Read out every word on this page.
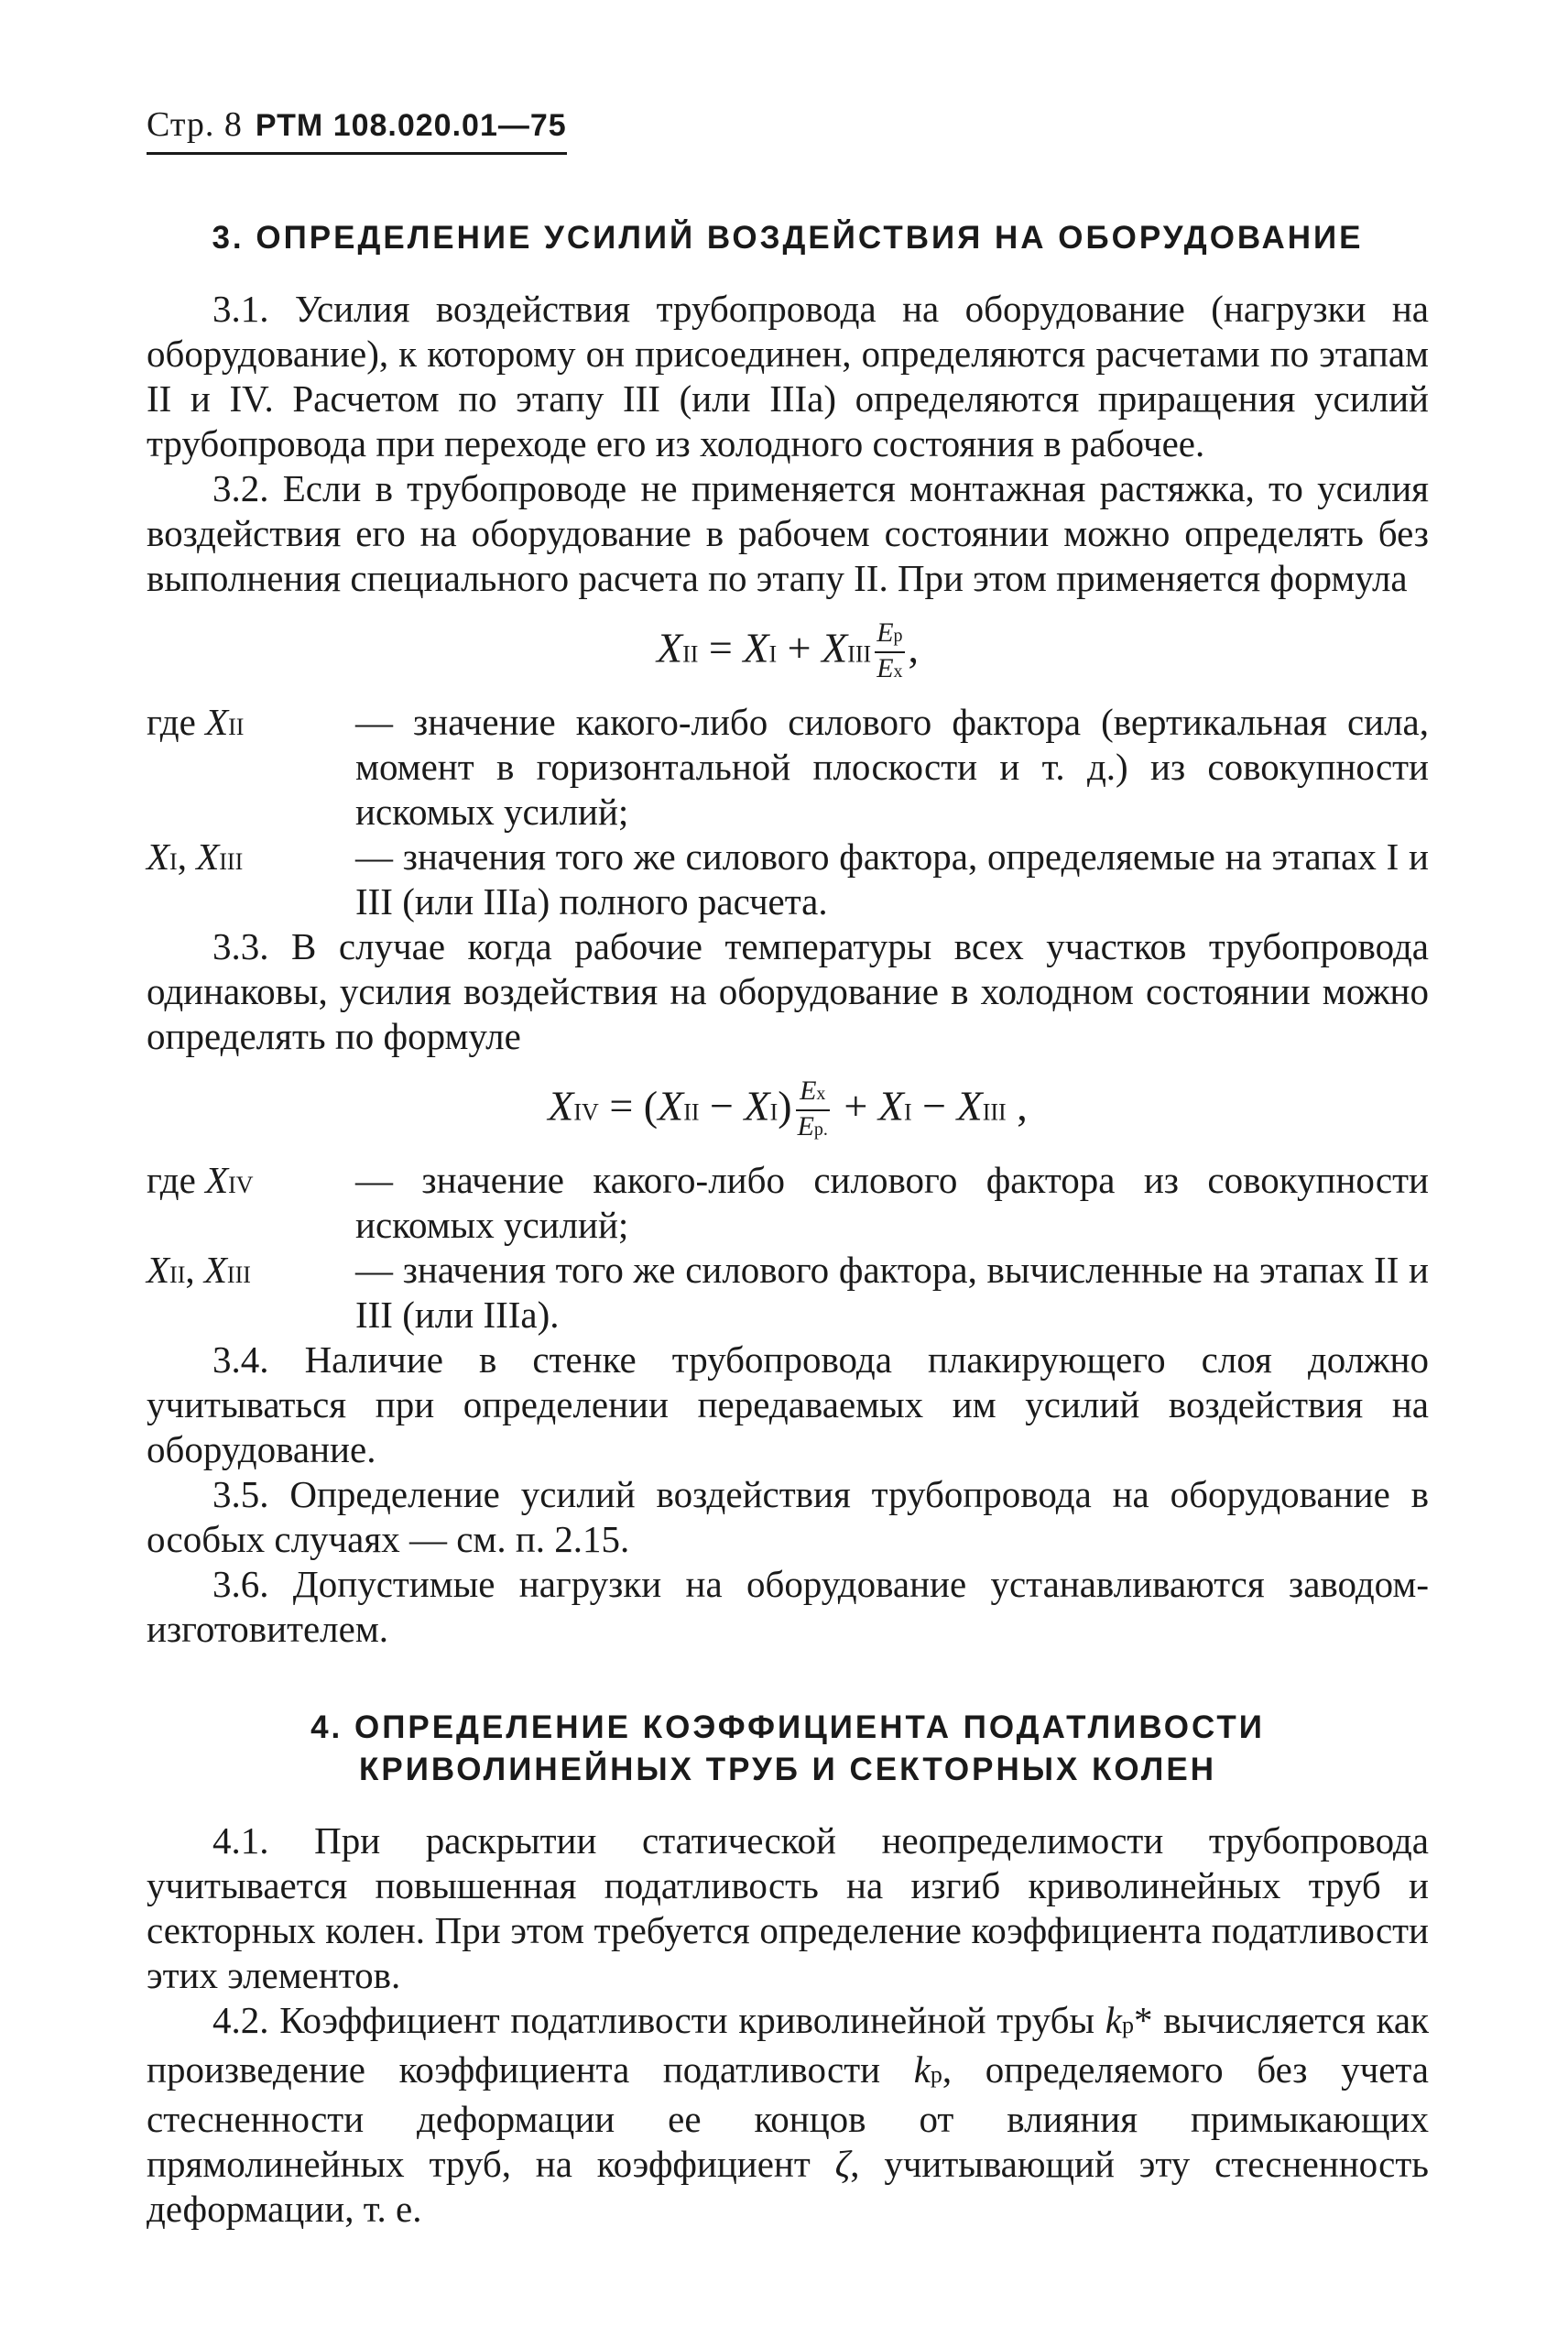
Стр. 8 РТМ 108.020.01—75
3. ОПРЕДЕЛЕНИЕ УСИЛИЙ ВОЗДЕЙСТВИЯ НА ОБОРУДОВАНИЕ

3.1. Усилия воздействия трубопровода на оборудование (нагрузки на оборудование), к которому он присоединен, определяются расчетами по этапам II и IV. Расчетом по этапу III (или IIIa) определяются приращения усилий трубопровода при переходе его из холодного состояния в рабочее.

3.2. Если в трубопроводе не применяется монтажная растяжка, то усилия воздействия его на оборудование в рабочем состоянии можно определять без выполнения специального расчета по этапу II. При этом применяется формула

XII = XI + XIII $\frac{Eр}{Eх}$ ,
где XII	— значение какого-либо силового фактора (вертикальная сила, момент в горизонтальной плоскости и т. д.) из совокупности искомых усилий;
XI, XIII	— значения того же силового фактора, определяемые на этапах I и III (или IIIa) полного расчета.

3.3. В случае когда рабочие температуры всех участков трубопровода одинаковы, усилия воздействия на оборудование в холодном состоянии можно определять по формуле

XIV = $(XII - XI) \frac{Eх}{Eр.}$ + XI − XIII ,
где XIV	— значение какого-либо силового фактора из совокупности искомых усилий;
XII, XIII	— значения того же силового фактора, вычисленные на этапах II и III (или IIIa).

3.4. Наличие в стенке трубопровода плакирующего слоя должно учитываться при определении передаваемых им усилий воздействия на оборудование.

3.5. Определение усилий воздействия трубопровода на оборудование в особых случаях — см. п. 2.15.

3.6. Допустимые нагрузки на оборудование устанавливаются заводом-изготовителем.

4. ОПРЕДЕЛЕНИЕ КОЭФФИЦИЕНТА ПОДАТЛИВОСТИ
КРИВОЛИНЕЙНЫХ ТРУБ И СЕКТОРНЫХ КОЛЕН

4.1. При раскрытии статической неопределимости трубопровода учитывается повышенная податливость на изгиб криволинейных труб и секторных колен. При этом требуется определение коэффициента податливости этих элементов.

4.2. Коэффициент податливости криволинейной трубы kр* вычисляется как произведение коэффициента податливости kр, определяемого без учета стесненности деформации ее концов от влияния примыкающих прямолинейных труб, на коэффициент ζ, учитывающий эту стесненность деформации, т. е.
